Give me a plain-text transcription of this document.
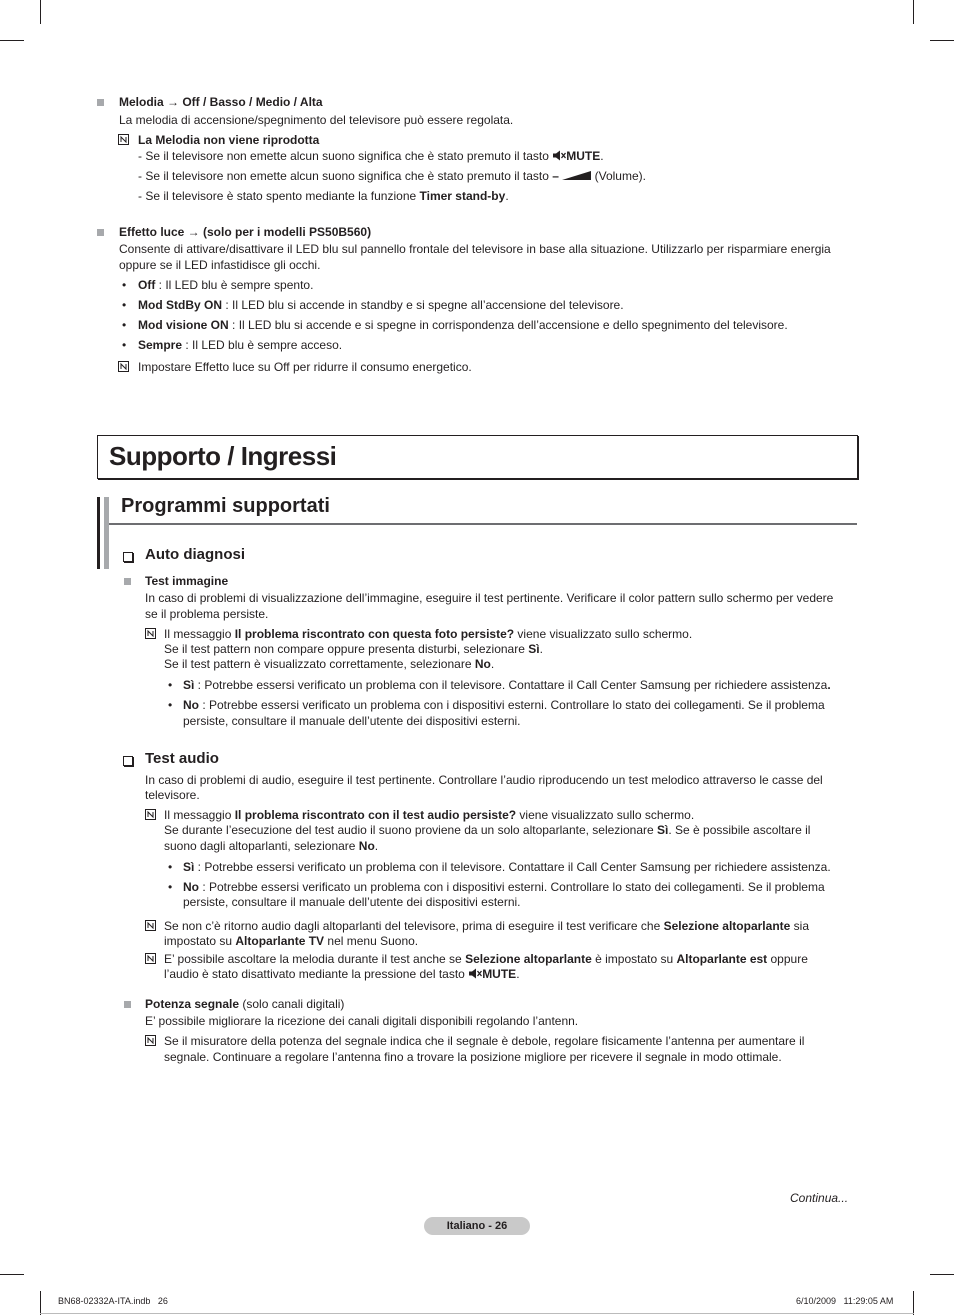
Melodia → Off / Basso / Medio / Alta
La melodia di accensione/spegnimento del televisore può essere regolata.
La Melodia non viene riprodotta
- Se il televisore non emette alcun suono significa che è stato premuto il tasto MUTE.
- Se il televisore non emette alcun suono significa che è stato premuto il tasto –	(Volume).
- Se il televisore è stato spento mediante la funzione Timer stand-by.
Effetto luce → (solo per i modelli PS50B560)
Consente di attivare/disattivare il LED blu sul pannello frontale del televisore in base alla situazione. Utilizzarlo per risparmiare energia
oppure se il LED infastidisce gli occhi.
• Off : Il LED blu è sempre spento.
• Mod StdBy ON : Il LED blu si accende in standby e si spegne all’accensione del televisore.
• Mod visione ON : Il LED blu si accende e si spegne in corrispondenza dell’accensione e dello spegnimento del televisore.
• Sempre : Il LED blu è sempre acceso.
Impostare Effetto luce su Off per ridurre il consumo energetico.
Supporto / Ingressi
Programmi supportati
Auto diagnosi
Test immagine
In caso di problemi di visualizzazione dell’immagine, eseguire il test pertinente. Verificare il color pattern sullo schermo per vedere
se il problema persiste.
Il messaggio Il problema riscontrato con questa foto persiste? viene visualizzato sullo schermo.
Se il test pattern non compare oppure presenta disturbi, selezionare Sì.
Se il test pattern è visualizzato correttamente, selezionare No.
• Sì : Potrebbe essersi verificato un problema con il televisore. Contattare il Call Center Samsung per richiedere assistenza.
• No : Potrebbe essersi verificato un problema con i dispositivi esterni. Controllare lo stato dei collegamenti. Se il problema
persiste, consultare il manuale dell’utente dei dispositivi esterni.
Test audio
In caso di problemi di audio, eseguire il test pertinente. Controllare l’audio riproducendo un test melodico attraverso le casse del
televisore.
Il messaggio Il problema riscontrato con il test audio persiste? viene visualizzato sullo schermo.
Se durante l’esecuzione del test audio il suono proviene da un solo altoparlante, selezionare Sì. Se è possibile ascoltare il
suono dagli altoparlanti, selezionare No.
• Sì : Potrebbe essersi verificato un problema con il televisore. Contattare il Call Center Samsung per richiedere assistenza.
• No : Potrebbe essersi verificato un problema con i dispositivi esterni. Controllare lo stato dei collegamenti. Se il problema
persiste, consultare il manuale dell’utente dei dispositivi esterni.
Se non c’è ritorno audio dagli altoparlanti del televisore, prima di eseguire il test verificare che Selezione altoparlante sia
impostato su Altoparlante TV nel menu Suono.
E’ possibile ascoltare la melodia durante il test anche se Selezione altoparlante è impostato su Altoparlante est oppure
l’audio è stato disattivato mediante la pressione del tasto MUTE.
Potenza segnale (solo canali digitali)
E’ possibile migliorare la ricezione dei canali digitali disponibili regolando l’antenn.
Se il misuratore della potenza del segnale indica che il segnale è debole, regolare fisicamente l’antenna per aumentare il
segnale. Continuare a regolare l’antenna fino a trovare la posizione migliore per ricevere il segnale in modo ottimale.
Continua...
Italiano - 26
BN68-02332A-ITA.indb   26	6/10/2009   11:29:05 AM
